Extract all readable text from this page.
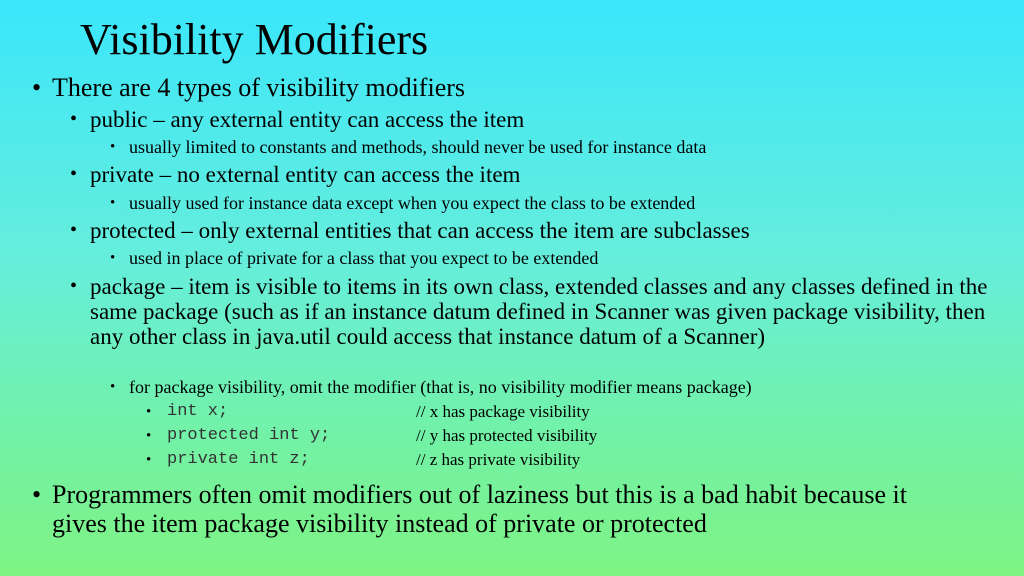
Visibility Modifiers
• There are 4 types of visibility modifiers
• public – any external entity can access the item
• usually limited to constants and methods, should never be used for instance data
• private – no external entity can access the item
• usually used for instance data except when you expect the class to be extended
• protected – only external entities that can access the item are subclasses
• used in place of private for a class that you expect to be extended
• package – item is visible to items in its own class, extended classes and any classes defined in the same package (such as if an instance datum defined in Scanner was given package visibility, then any other class in java.util could access that instance datum of a Scanner)
• for package visibility, omit the modifier (that is, no visibility modifier means package)
• int x;	// x has package visibility
• protected int y;	// y has protected visibility
• private int z;	// z has private visibility
• Programmers often omit modifiers out of laziness but this is a bad habit because it gives the item package visibility instead of private or protected
